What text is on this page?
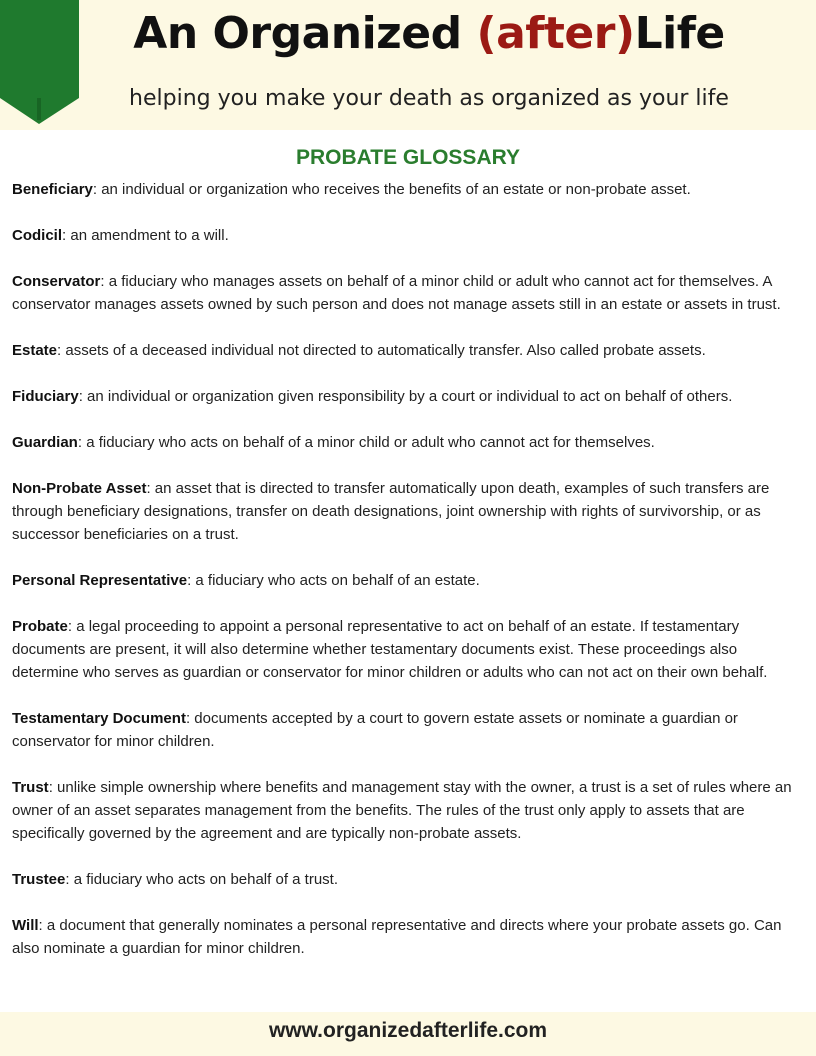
An Organized (after)Life
helping you make your death as organized as your life
PROBATE GLOSSARY

Beneficiary: an individual or organization who receives the benefits of an estate or non-probate asset.

Codicil: an amendment to a will.

Conservator: a fiduciary who manages assets on behalf of a minor child or adult who cannot act for themselves. A conservator manages assets owned by such person and does not manage assets still in an estate or assets in trust.

Estate: assets of a deceased individual not directed to automatically transfer. Also called probate assets.

Fiduciary: an individual or organization given responsibility by a court or individual to act on behalf of others.

Guardian: a fiduciary who acts on behalf of a minor child or adult who cannot act for themselves.

Non-Probate Asset: an asset that is directed to transfer automatically upon death, examples of such transfers are through beneficiary designations, transfer on death designations, joint ownership with rights of survivorship, or as successor beneficiaries on a trust.

Personal Representative: a fiduciary who acts on behalf of an estate.

Probate: a legal proceeding to appoint a personal representative to act on behalf of an estate. If testamentary documents are present, it will also determine whether testamentary documents exist. These proceedings also determine who serves as guardian or conservator for minor children or adults who can not act on their own behalf.

Testamentary Document: documents accepted by a court to govern estate assets or nominate a guardian or conservator for minor children.

Trust: unlike simple ownership where benefits and management stay with the owner, a trust is a set of rules where an owner of an asset separates management from the benefits. The rules of the trust only apply to assets that are specifically governed by the agreement and are typically non-probate assets.

Trustee: a fiduciary who acts on behalf of a trust.

Will: a document that generally nominates a personal representative and directs where your probate assets go. Can also nominate a guardian for minor children.

www.organizedafterlife.com
